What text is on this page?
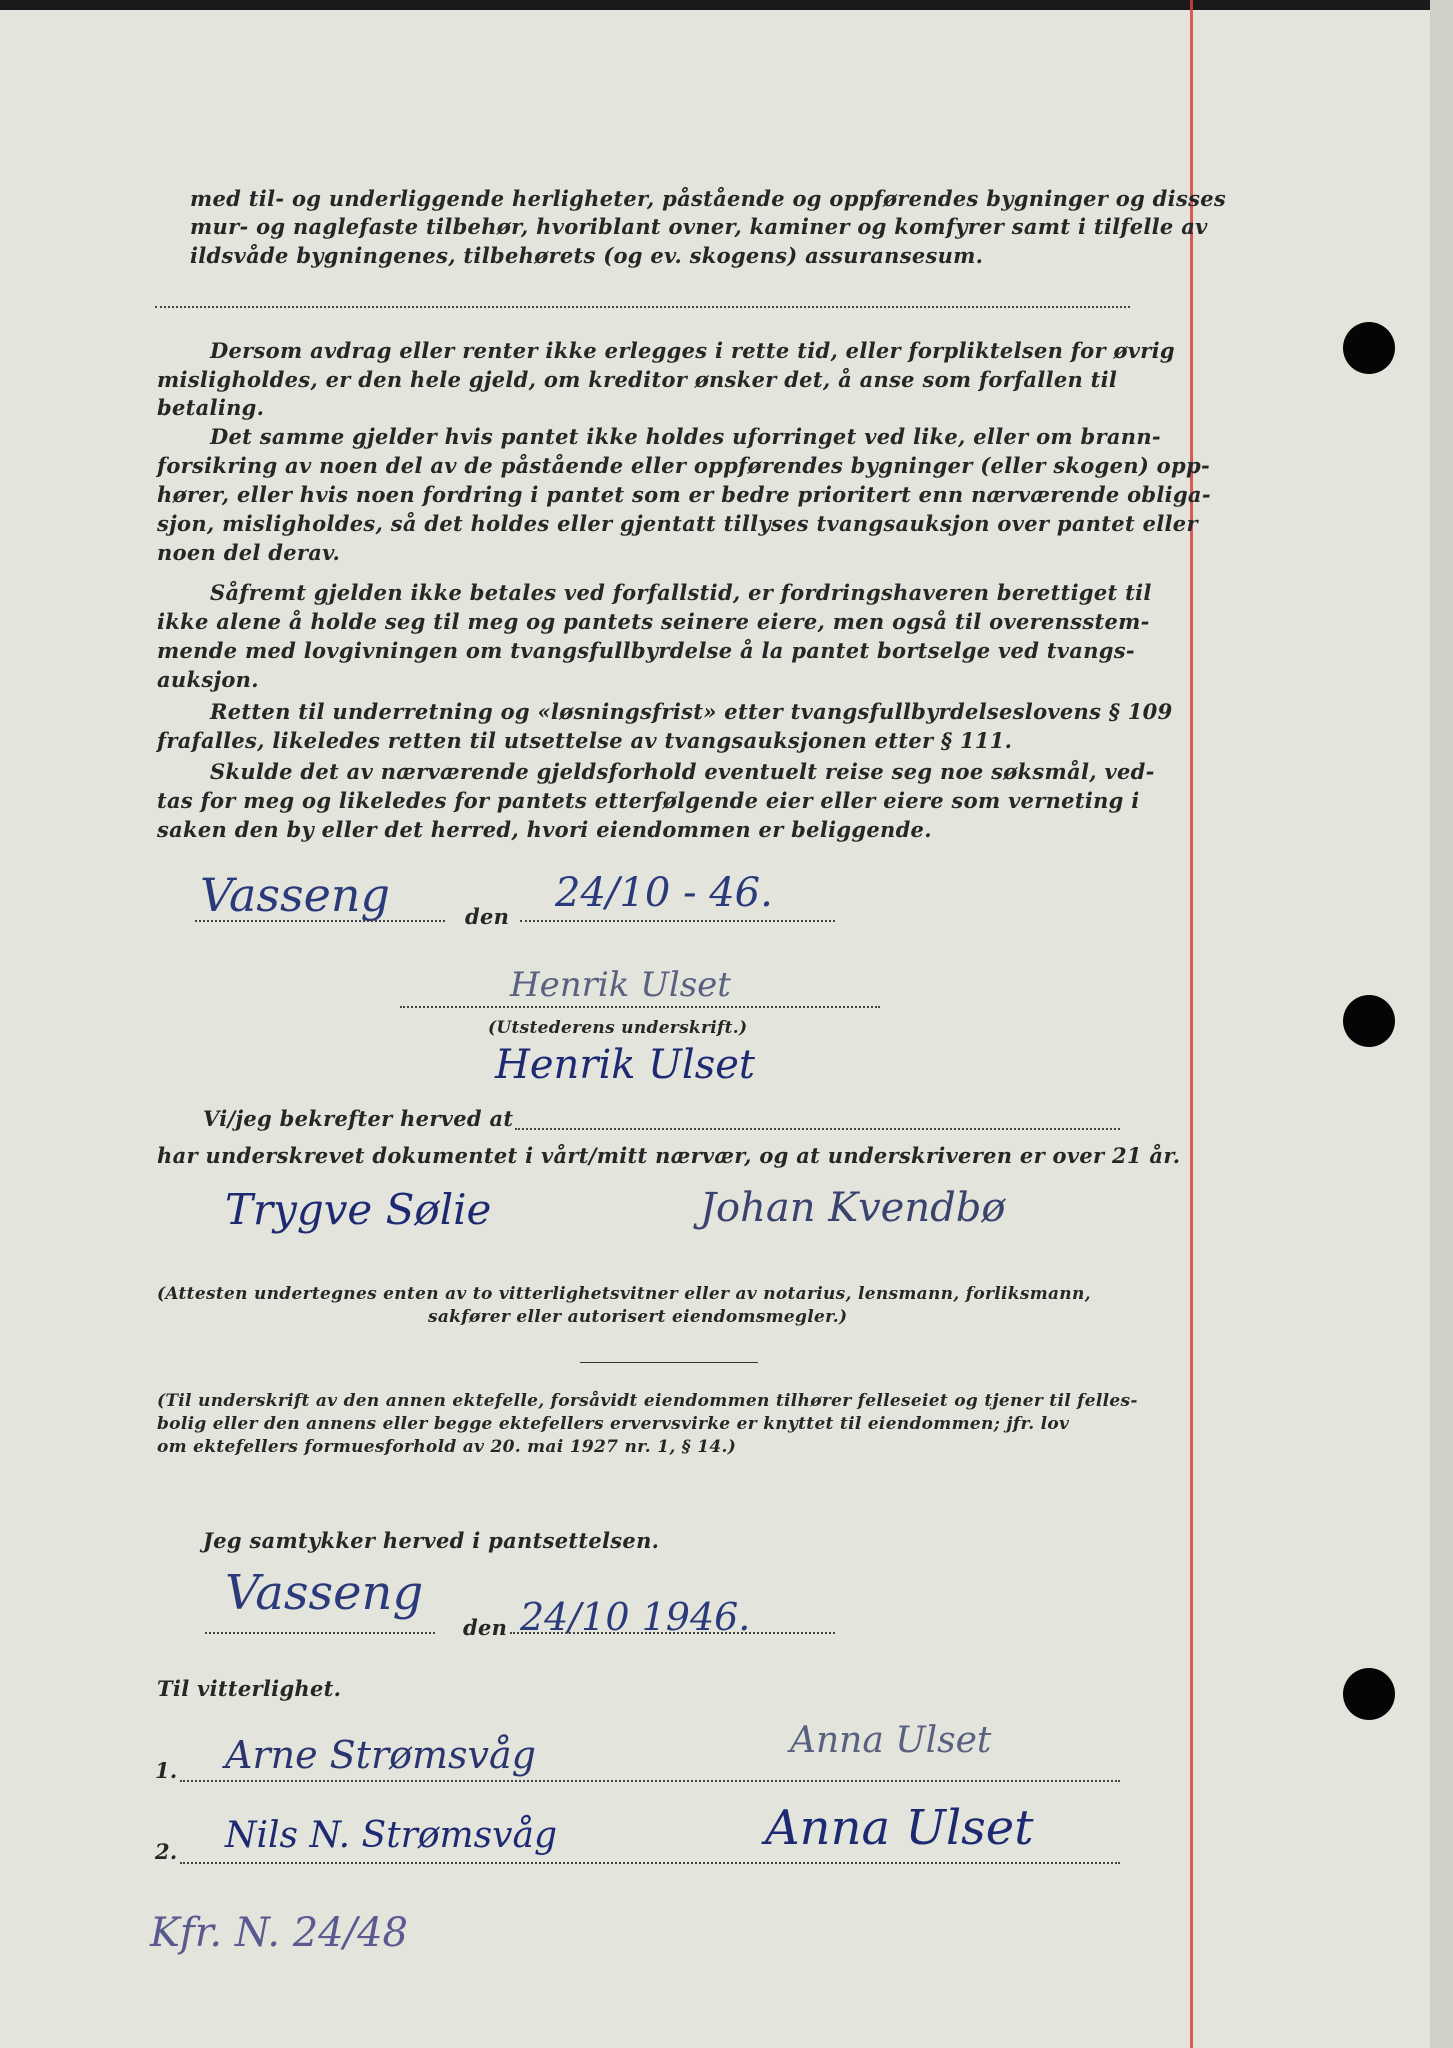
med til- og underliggende herligheter, påstående og oppførendes bygninger og disses
mur- og naglefaste tilbehør, hvoriblant ovner, kaminer og komfyrer samt i tilfelle av
ildsvåde bygningenes, tilbehørets (og ev. skogens) assuransesum.
Dersom avdrag eller renter ikke erlegges i rette tid, eller forpliktelsen for øvrig
misligholdes, er den hele gjeld, om kreditor ønsker det, å anse som forfallen til
betaling.
Det samme gjelder hvis pantet ikke holdes uforringet ved like, eller om brann-
forsikring av noen del av de påstående eller oppførendes bygninger (eller skogen) opp-
hører, eller hvis noen fordring i pantet som er bedre prioritert enn nærværende obliga-
sjon, misligholdes, så det holdes eller gjentatt tillyses tvangsauksjon over pantet eller
noen del derav.
Såfremt gjelden ikke betales ved forfallstid, er fordringshaveren berettiget til
ikke alene å holde seg til meg og pantets seinere eiere, men også til overensstem-
mende med lovgivningen om tvangsfullbyrdelse å la pantet bortselge ved tvangs-
auksjon.
Retten til underretning og «løsningsfrist» etter tvangsfullbyrdelseslovens § 109
frafalles, likeledes retten til utsettelse av tvangsauksjonen etter § 111.
Skulde det av nærværende gjeldsforhold eventuelt reise seg noe søksmål, ved-
tas for meg og likeledes for pantets etterfølgende eier eller eiere som verneting i
saken den by eller det herred, hvori eiendommen er beliggende.
Vasseng	den
24/10 - 46.
Henrik Ulset
(Utstederens underskrift.)
Henrik Ulset
Vi/jeg bekrefter herved at
har underskrevet dokumentet i vårt/mitt nærvær, og at underskriveren er over 21 år.
Trygve Sølie	Johan Kvendbø
(Attesten undertegnes enten av to vitterlighetsvitner eller av notarius, lensmann, forliksmann,
sakfører eller autorisert eiendomsmegler.)
(Til underskrift av den annen ektefelle, forsåvidt eiendommen tilhører felleseiet og tjener til felles-
bolig eller den annens eller begge ektefellers ervervsvirke er knyttet til eiendommen; jfr. lov
om ektefellers formuesforhold av 20. mai 1927 nr. 1, § 14.)
Jeg samtykker herved i pantsettelsen.
Vasseng
den 24/10 1946.
Til vitterlighet.
1. Arne Strømsvåg	Anna Ulset
2. Nils N. Strømsvåg	Anna Ulset
Kfr. N. 24/48
